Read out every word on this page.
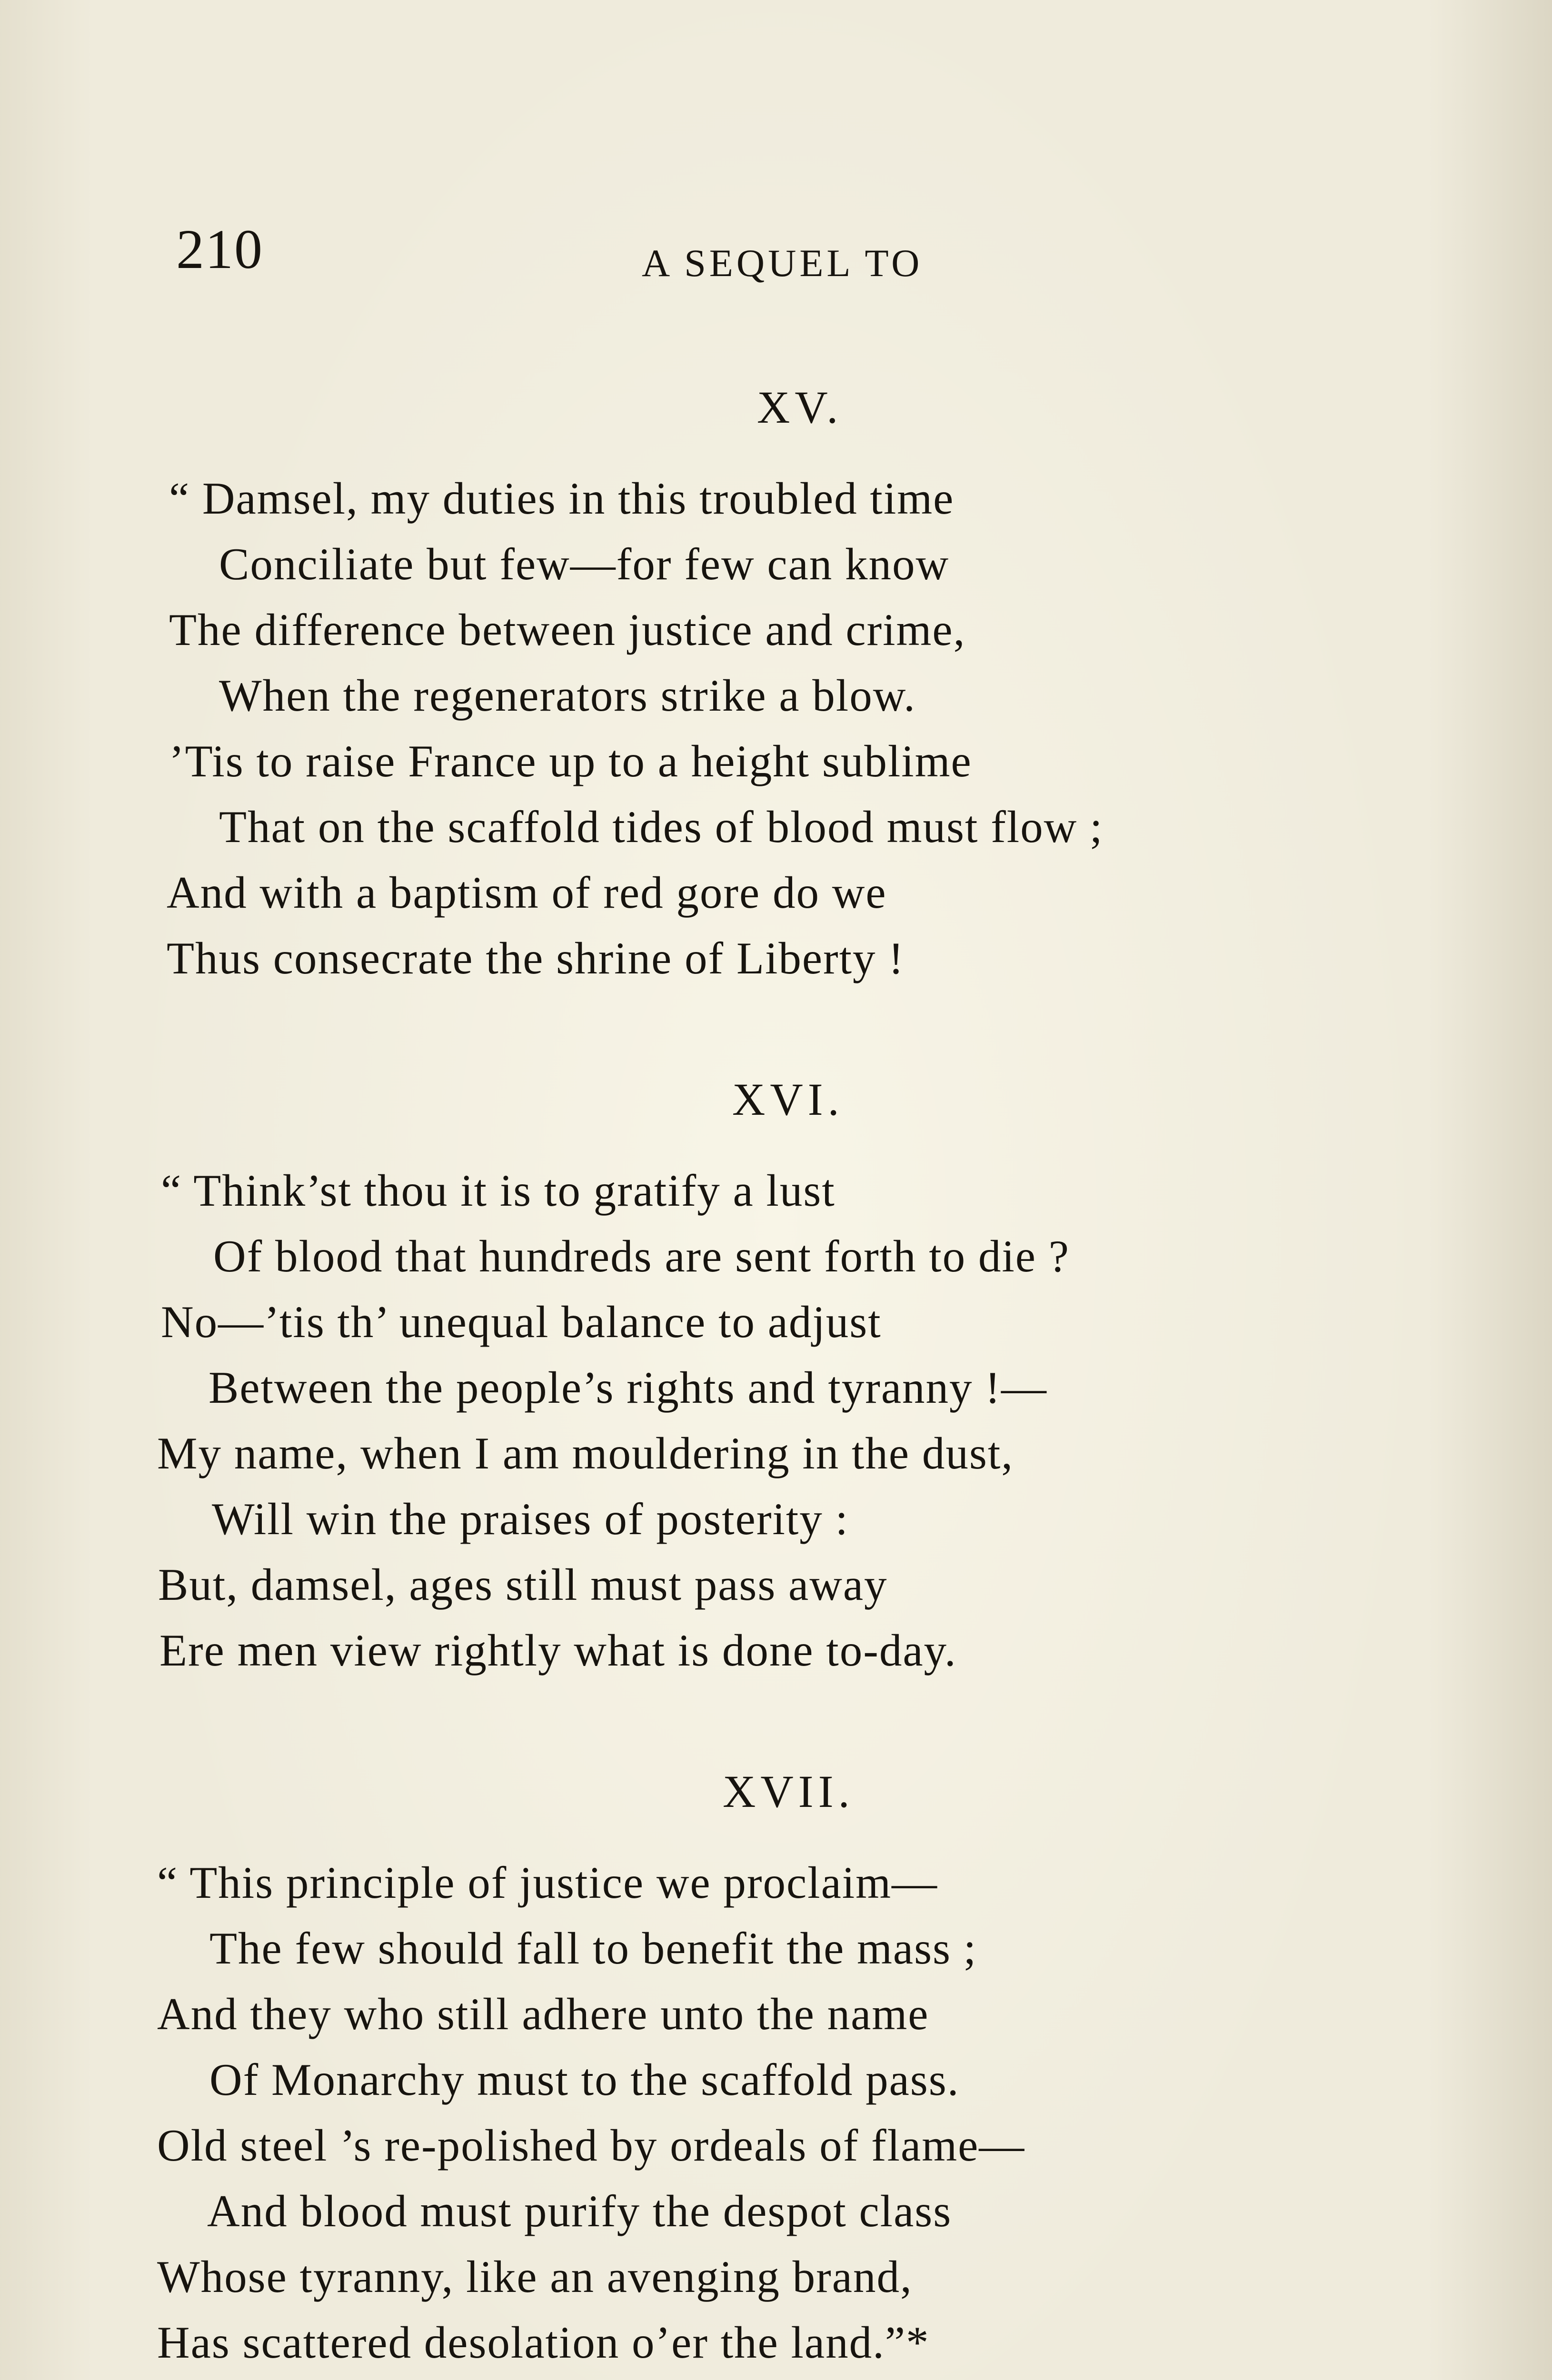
210	A SEQUEL TO
XV.
“ Damsel, my duties in this troubled time
Conciliate but few—for few can know
The difference between justice and crime,
When the regenerators strike a blow.
’Tis to raise France up to a height sublime
That on the scaffold tides of blood must flow ;
And with a baptism of red gore do we
Thus consecrate the shrine of Liberty !
XVI.
“ Think’st thou it is to gratify a lust
Of blood that hundreds are sent forth to die ?
No—’tis th’ unequal balance to adjust
Between the people’s rights and tyranny !—
My name, when I am mouldering in the dust,
Will win the praises of posterity :
But, damsel, ages still must pass away
Ere men view rightly what is done to-day.
XVII.
“ This principle of justice we proclaim—
The few should fall to benefit the mass ;
And they who still adhere unto the name
Of Monarchy must to the scaffold pass.
Old steel ’s re-polished by ordeals of flame—
And blood must purify the despot class
Whose tyranny, like an avenging brand,
Has scattered desolation o’er the land.”*
